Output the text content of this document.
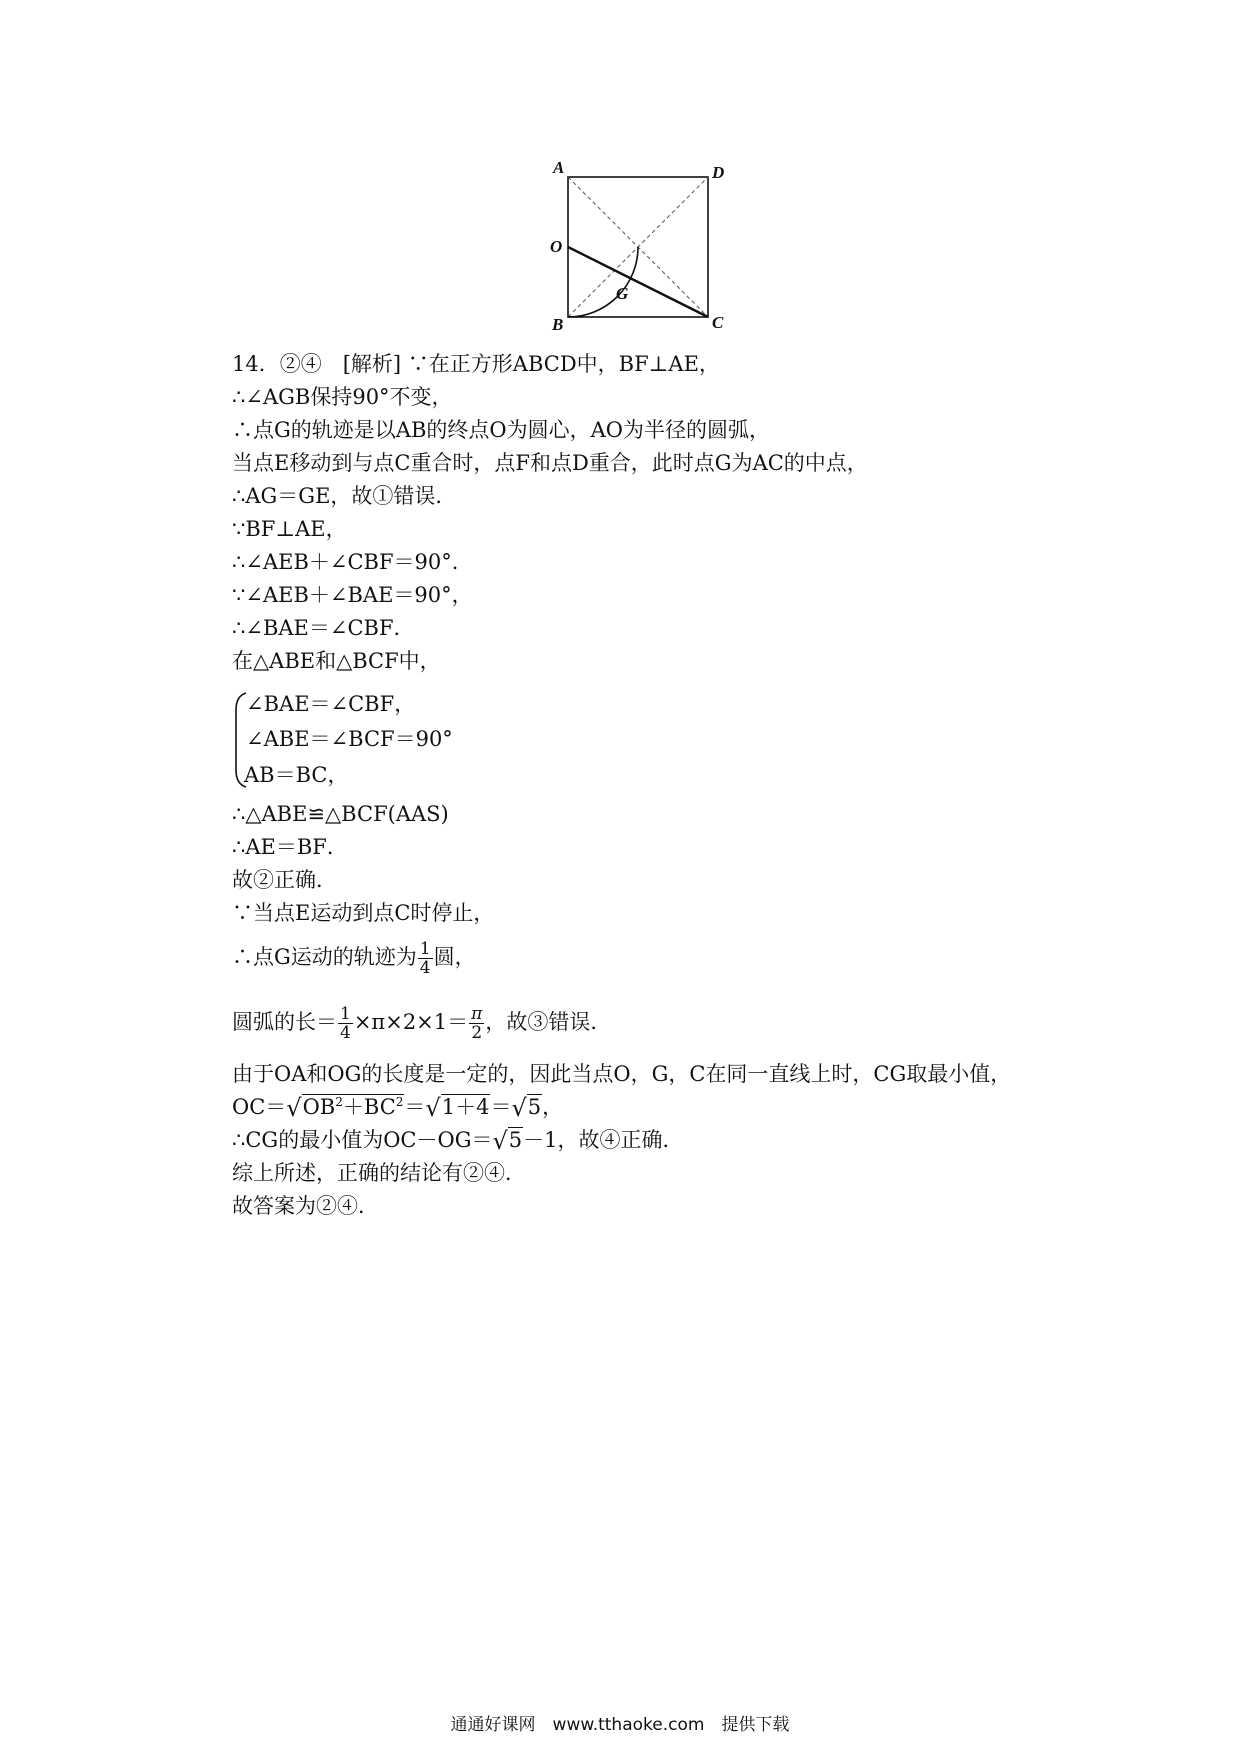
A	D
O
G
B	C
14．②④　[解析] ∵在正方形ABCD中，BF⊥AE，
∴∠AGB保持90°不变，
∴点G的轨迹是以AB的终点O为圆心，AO为半径的圆弧，
当点E移动到与点C重合时，点F和点D重合，此时点G为AC的中点，
∴AG＝GE，故①错误．
∵BF⊥AE，
∴∠AEB＋∠CBF＝90°．
∵∠AEB＋∠BAE＝90°，
∴∠BAE＝∠CBF．
在△ABE和△BCF中，
∠BAE＝∠CBF，
∠ABE＝∠BCF＝90°
AB＝BC，
∴△ABE≌△BCF(AAS)
∴AE＝BF．
故②正确．
∵当点E运动到点C时停止，
∴点G运动的轨迹为 $\frac{1}{4}$ 圆，
圆弧的长＝ $\frac{1}{4} \times\pi\times 2\times 1= \frac{\pi}{2}$ ，故③错误．
由于OA和OG的长度是一定的，因此当点O，G，C在同一直线上时，CG取最小值，
$OC=√OB^2+BC^2=√1+4=√5$，
∴CG的最小值为OC－OG＝√5－1，故④正确．
综上所述，正确的结论有②④．
故答案为②④．
通通好课网　www.tthaoke.com　提供下载
